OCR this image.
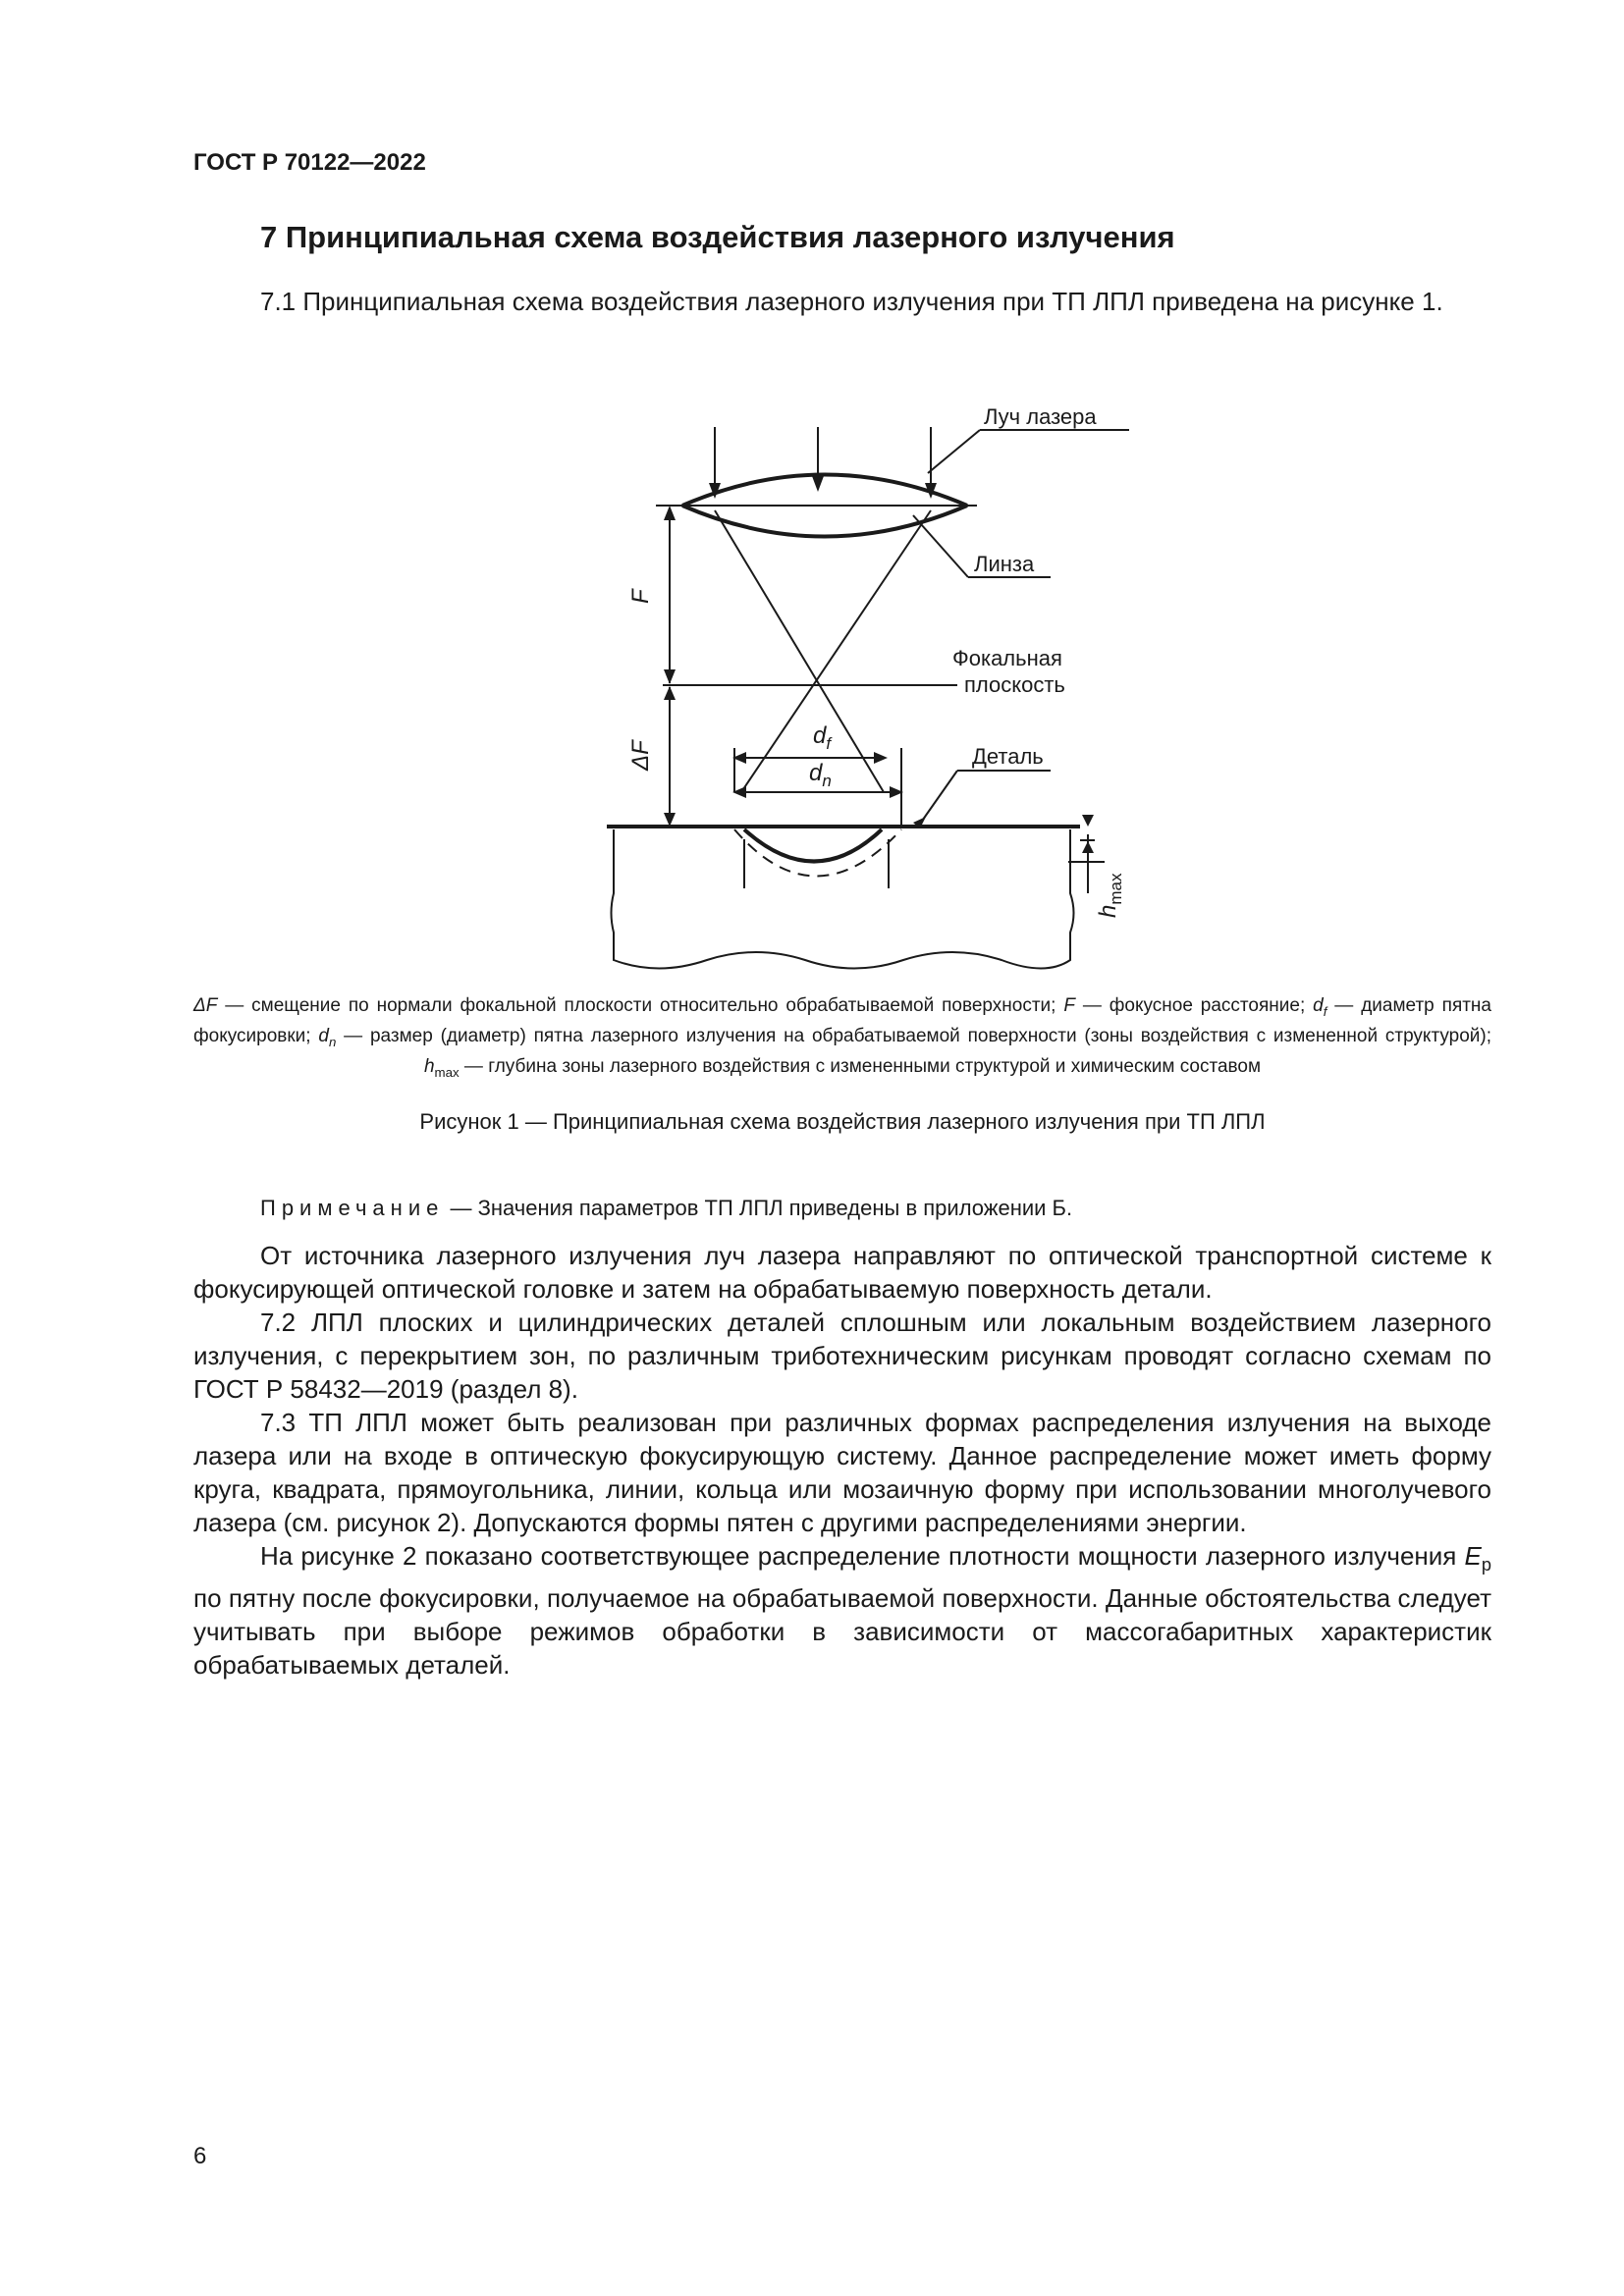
ГОСТ Р 70122—2022
7 Принципиальная схема воздействия лазерного излучения

7.1 Принципиальная схема воздействия лазерного излучения при ТП ЛПЛ приведена на рисунке 1.

Луч лазера
Линза
Фокальная
плоскость
Деталь
F
ΔF
$d_f$
$d_n$
$h_{max}$

ΔF — смещение по нормали фокальной плоскости относительно обрабатываемой поверхности; F — фокусное расстояние; $d_f$ — диаметр пятна фокусировки; $d_n$ — размер (диаметр) пятна лазерного излучения на обрабатываемой поверхности (зоны воздействия с измененной структурой); $h_{max}$ — глубина зоны лазерного воздействия с измененными структурой и химическим составом

Рисунок 1 — Принципиальная схема воздействия лазерного излучения при ТП ЛПЛ
Примечание — Значения параметров ТП ЛПЛ приведены в приложении Б.

От источника лазерного излучения луч лазера направляют по оптической транспортной системе к фокусирующей оптической головке и затем на обрабатываемую поверхность детали.

7.2 ЛПЛ плоских и цилиндрических деталей сплошным или локальным воздействием лазерного излучения, с перекрытием зон, по различным триботехническим рисункам проводят согласно схемам по ГОСТ Р 58432—2019 (раздел 8).

7.3 ТП ЛПЛ может быть реализован при различных формах распределения излучения на выходе лазера или на входе в оптическую фокусирующую систему. Данное распределение может иметь форму круга, квадрата, прямоугольника, линии, кольца или мозаичную форму при использовании многолучевого лазера (см. рисунок 2). Допускаются формы пятен с другими распределениями энергии.

На рисунке 2 показано соответствующее распределение плотности мощности лазерного излучения $E_p$ по пятну после фокусировки, получаемое на обрабатываемой поверхности. Данные обстоятельства следует учитывать при выборе режимов обработки в зависимости от массогабаритных характеристик обрабатываемых деталей.

6
